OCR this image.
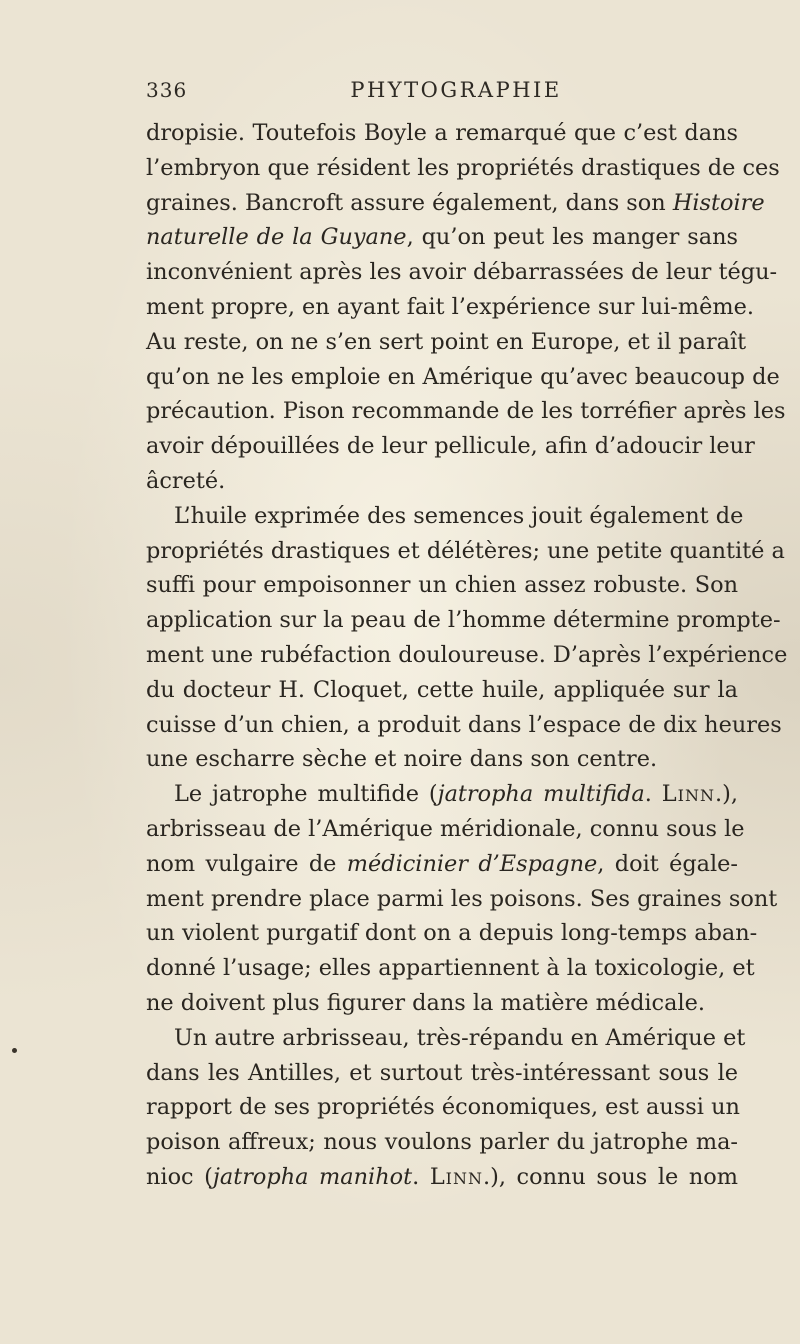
336	PHYTOGRAPHIE
dropisie. Toutefois Boyle a remarqué que c’est dans
l’embryon que résident les propriétés drastiques de ces
graines. Bancroft assure également, dans son Histoire
naturelle de la Guyane, qu’on peut les manger sans
inconvénient après les avoir débarrassées de leur tégu-
ment propre, en ayant fait l’expérience sur lui-même.
Au reste, on ne s’en sert point en Europe, et il paraît
qu’on ne les emploie en Amérique qu’avec beaucoup de
précaution. Pison recommande de les torréfier après les
avoir dépouillées de leur pellicule, afin d’adoucir leur
âcreté.
L’huile exprimée des semences jouit également de
propriétés drastiques et délétères; une petite quantité a
suffi pour empoisonner un chien assez robuste. Son
application sur la peau de l’homme détermine prompte-
ment une rubéfaction douloureuse. D’après l’expérience
du docteur H. Cloquet, cette huile, appliquée sur la
cuisse d’un chien, a produit dans l’espace de dix heures
une escharre sèche et noire dans son centre.
Le jatrophe multifide (jatropha multifida. Linn.),
arbrisseau de l’Amérique méridionale, connu sous le
nom vulgaire de médicinier d’Espagne, doit égale-
ment prendre place parmi les poisons. Ses graines sont
un violent purgatif dont on a depuis long-temps aban-
donné l’usage; elles appartiennent à la toxicologie, et
ne doivent plus figurer dans la matière médicale.
Un autre arbrisseau, très-répandu en Amérique et
dans les Antilles, et surtout très-intéressant sous le
rapport de ses propriétés économiques, est aussi un
poison affreux; nous voulons parler du jatrophe ma-
nioc (jatropha manihot. Linn.), connu sous le nom
